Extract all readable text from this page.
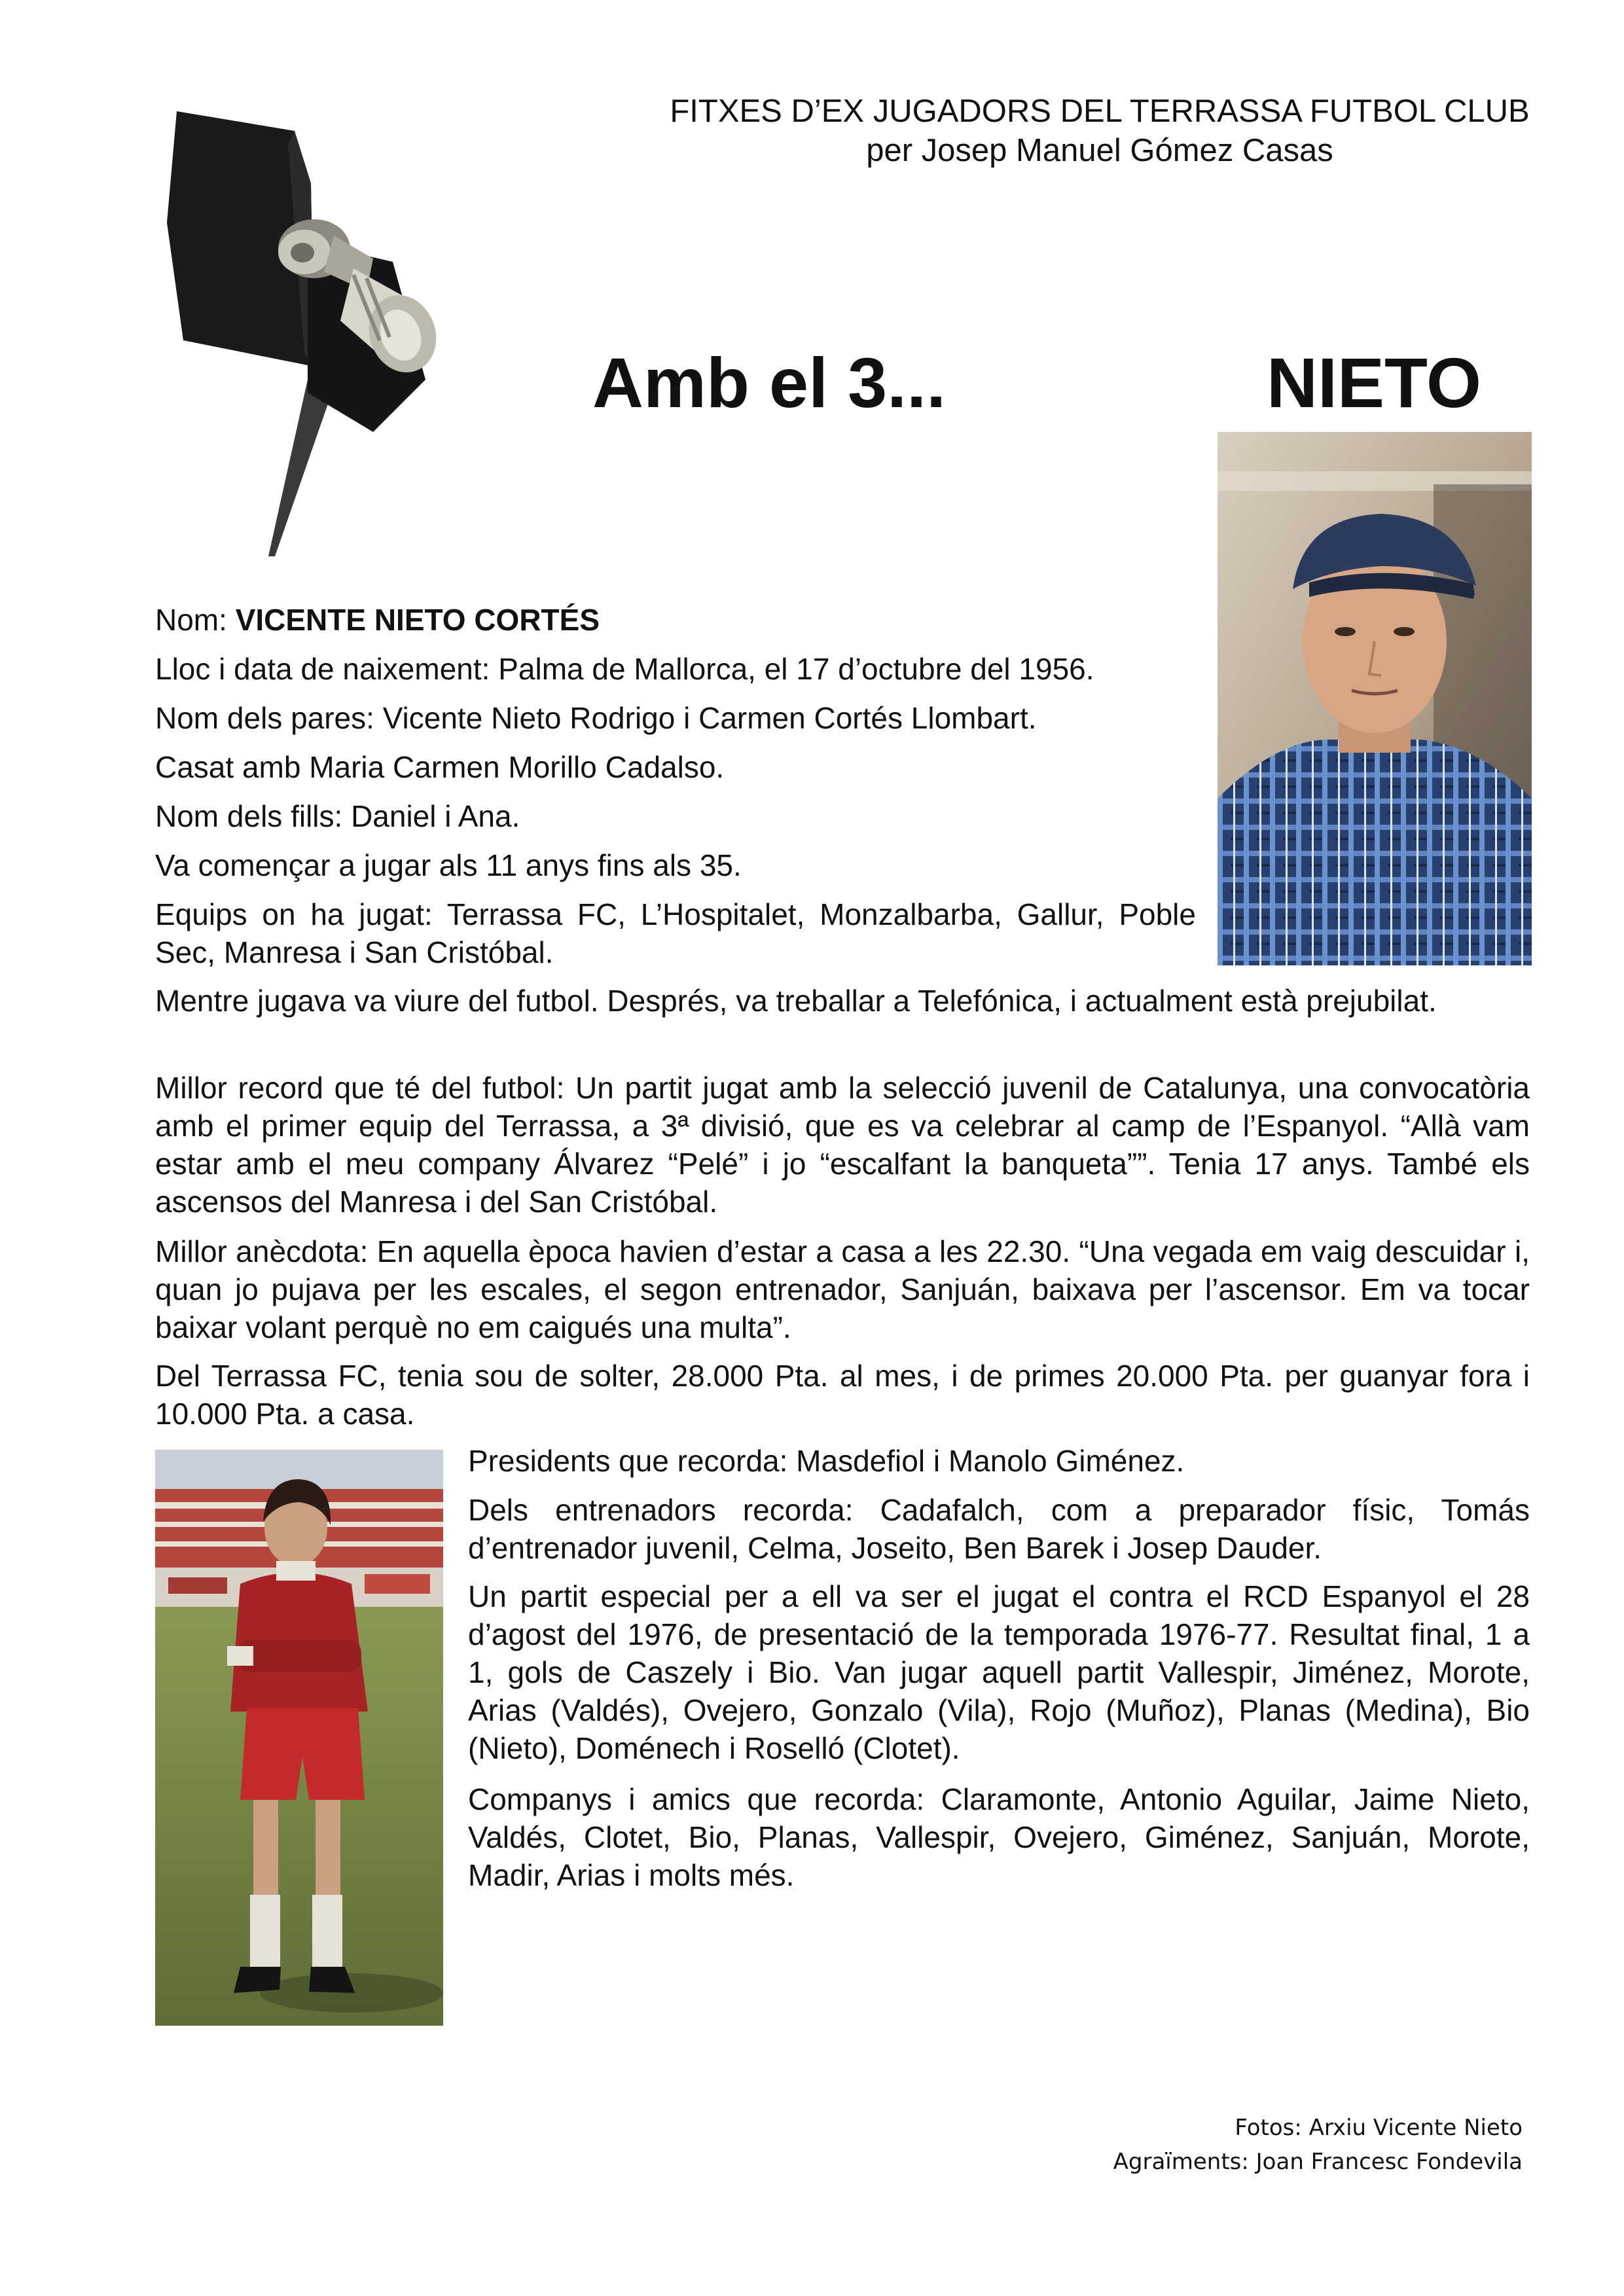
FITXES D’EX JUGADORS DEL TERRASSA FUTBOL CLUB
per Josep Manuel Gómez Casas
Amb el 3...	NIETO

Nom: VICENTE NIETO CORTÉS

Lloc i data de naixement: Palma de Mallorca, el 17 d’octubre del 1956.

Nom dels pares: Vicente Nieto Rodrigo i Carmen Cortés Llombart.

Casat amb Maria Carmen Morillo Cadalso.

Nom dels fills: Daniel i Ana.

Va començar a jugar als 11 anys fins als 35.

Equips on ha jugat: Terrassa FC, L’Hospitalet, Monzalbarba, Gallur, Poble Sec, Manresa i San Cristóbal.

Mentre jugava va viure del futbol. Després, va treballar a Telefónica, i actualment està prejubilat.

Millor record que té del futbol: Un partit jugat amb la selecció juvenil de Catalunya, una convocatòria amb el primer equip del Terrassa, a 3ª divisió, que es va celebrar al camp de l’Espanyol. “Allà vam estar amb el meu company Álvarez “Pelé” i jo “escalfant la banqueta””. Tenia 17 anys. També els ascensos del Manresa i del San Cristóbal.

Millor anècdota: En aquella època havien d’estar a casa a les 22.30. “Una vegada em vaig descuidar i, quan jo pujava per les escales, el segon entrenador, Sanjuán, baixava per l’ascensor. Em va tocar baixar volant perquè no em caigués una multa”.

Del Terrassa FC, tenia sou de solter, 28.000 Pta. al mes, i de primes 20.000 Pta. per guanyar fora i 10.000 Pta. a casa.

Presidents que recorda: Masdefiol i Manolo Giménez.

Dels entrenadors recorda: Cadafalch, com a preparador físic, Tomás d’entrenador juvenil, Celma, Joseito, Ben Barek i Josep Dauder.

Un partit especial per a ell va ser el jugat el contra el RCD Espanyol el 28 d’agost del 1976, de presentació de la temporada 1976-77. Resultat final, 1 a 1, gols de Caszely i Bio. Van jugar aquell partit Vallespir, Jiménez, Morote, Arias (Valdés), Ovejero, Gonzalo (Vila), Rojo (Muñoz), Planas (Medina), Bio (Nieto), Doménech i Roselló (Clotet).

Companys i amics que recorda: Claramonte, Antonio Aguilar, Jaime Nieto, Valdés, Clotet, Bio, Planas, Vallespir, Ovejero, Giménez, Sanjuán, Morote, Madir, Arias i molts més.

Fotos: Arxiu Vicente Nieto
Agraïments: Joan Francesc Fondevila
